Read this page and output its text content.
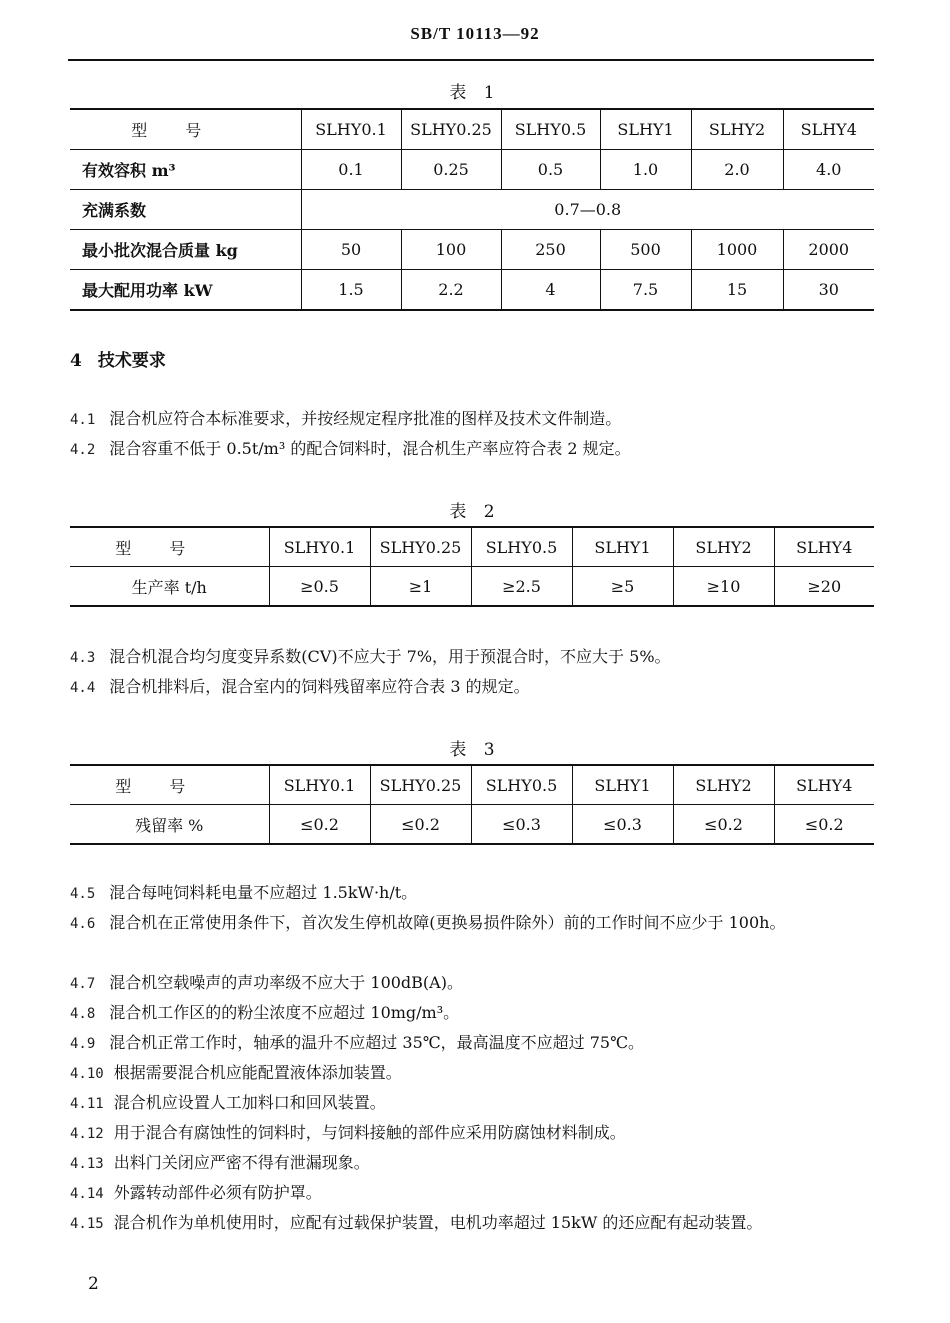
SB/T 10113—92
表 1
型号	SLHY0.1	SLHY0.25	SLHY0.5	SLHY1	SLHY2	SLHY4
有效容积 m³	0.1	0.25	0.5	1.0	2.0	4.0
充满系数	0.7—0.8					
最小批次混合质量 kg	50	100	250	500	1000	2000
最大配用功率 kW	1.5	2.2	4	7.5	15	30
4 技术要求
4.1 混合机应符合本标准要求，并按经规定程序批准的图样及技术文件制造。
4.2 混合容重不低于 0.5t/m³ 的配合饲料时，混合机生产率应符合表 2 规定。
表 2
型号	SLHY0.1	SLHY0.25	SLHY0.5	SLHY1	SLHY2	SLHY4
生产率 t/h	≥0.5	≥1	≥2.5	≥5	≥10	≥20
4.3 混合机混合均匀度变异系数(CV)不应大于 7%，用于预混合时，不应大于 5%。
4.4 混合机排料后，混合室内的饲料残留率应符合表 3 的规定。
表 3
型号	SLHY0.1	SLHY0.25	SLHY0.5	SLHY1	SLHY2	SLHY4
残留率 %	≤0.2	≤0.2	≤0.3	≤0.3	≤0.2	≤0.2
4.5 混合每吨饲料耗电量不应超过 1.5kW·h/t。
4.6 混合机在正常使用条件下，首次发生停机故障(更换易损件除外）前的工作时间不应少于 100h。
4.7 混合机空载噪声的声功率级不应大于 100dB(A)。
4.8 混合机工作区的的粉尘浓度不应超过 10mg/m³。
4.9 混合机正常工作时，轴承的温升不应超过 35℃，最高温度不应超过 75℃。
4.10 根据需要混合机应能配置液体添加装置。
4.11 混合机应设置人工加料口和回风装置。
4.12 用于混合有腐蚀性的饲料时，与饲料接触的部件应采用防腐蚀材料制成。
4.13 出料门关闭应严密不得有泄漏现象。
4.14 外露转动部件必须有防护罩。
4.15 混合机作为单机使用时，应配有过载保护装置，电机功率超过 15kW 的还应配有起动装置。
2
